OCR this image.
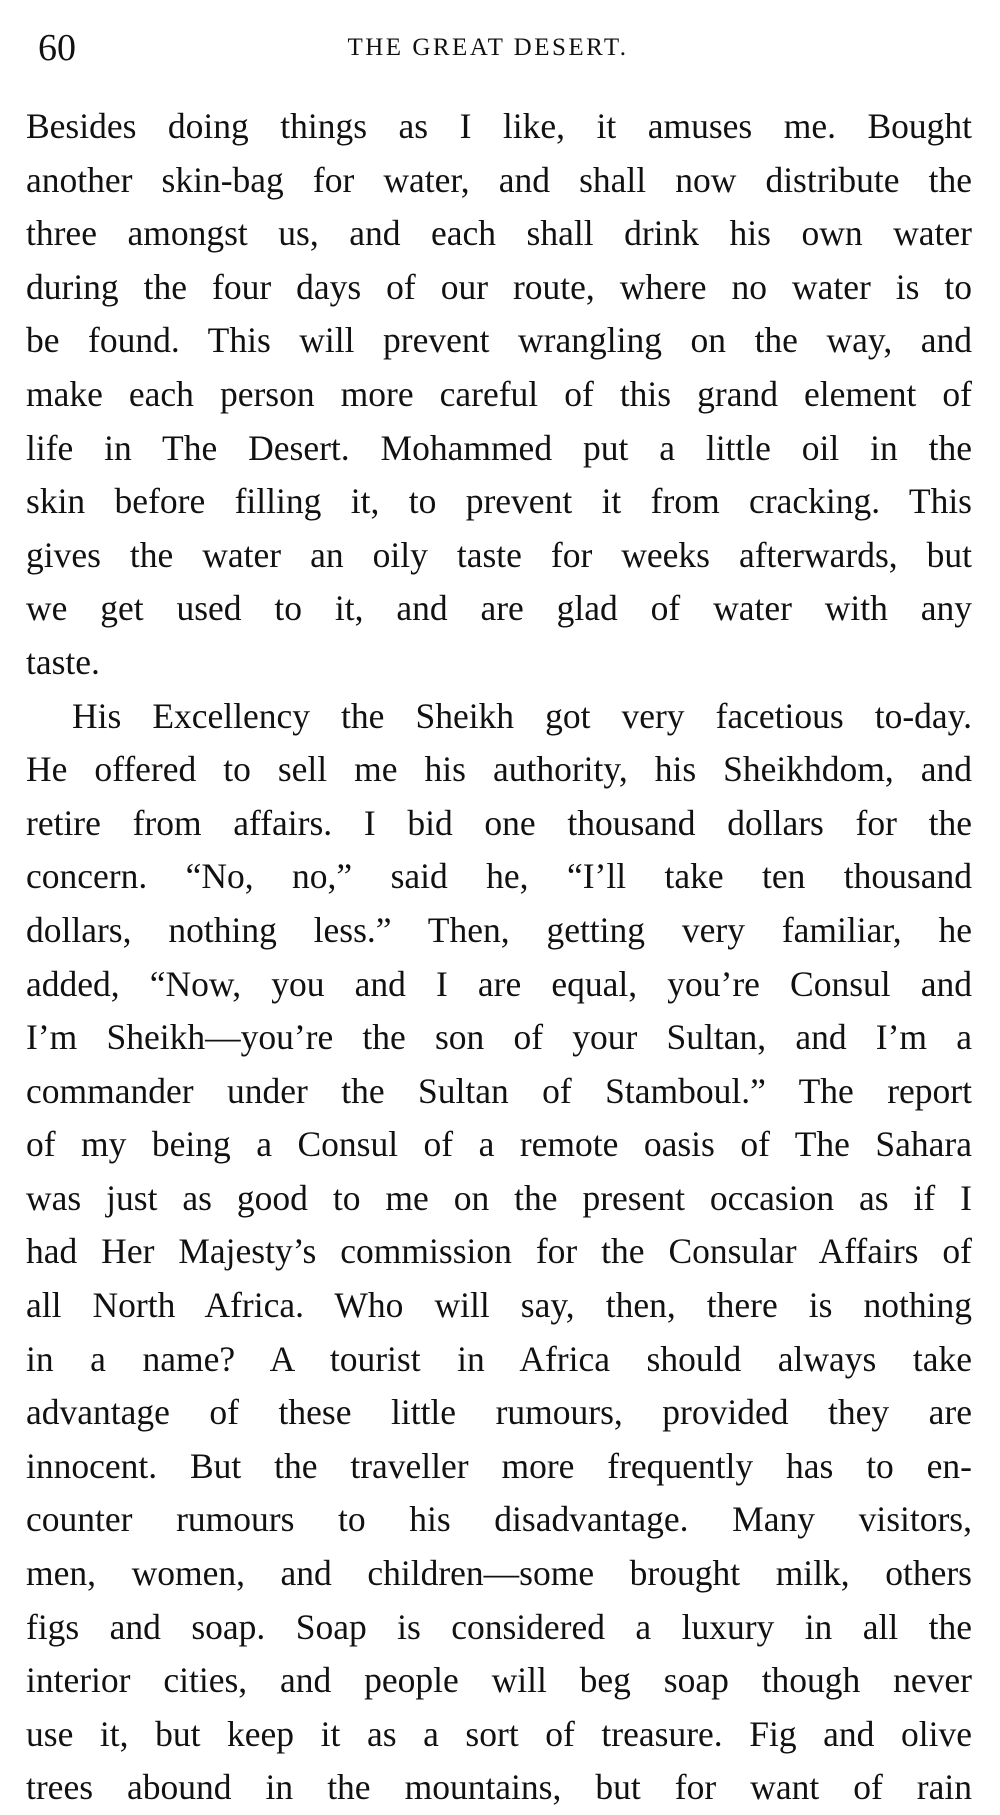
60	THE GREAT DESERT.
Besides doing things as I like, it amuses me. Bought
another skin-bag for water, and shall now distribute the
three amongst us, and each shall drink his own water
during the four days of our route, where no water is to
be found. This will prevent wrangling on the way, and
make each person more careful of this grand element of
life in The Desert. Mohammed put a little oil in the
skin before filling it, to prevent it from cracking. This
gives the water an oily taste for weeks afterwards, but
we get used to it, and are glad of water with any
taste.
His Excellency the Sheikh got very facetious to-day.
He offered to sell me his authority, his Sheikhdom, and
retire from affairs. I bid one thousand dollars for the
concern. “No, no,” said he, “I’ll take ten thousand
dollars, nothing less.” Then, getting very familiar, he
added, “Now, you and I are equal, you’re Consul and
I’m Sheikh—you’re the son of your Sultan, and I’m a
commander under the Sultan of Stamboul.” The report
of my being a Consul of a remote oasis of The Sahara
was just as good to me on the present occasion as if I
had Her Majesty’s commission for the Consular Affairs of
all North Africa. Who will say, then, there is nothing
in a name? A tourist in Africa should always take
advantage of these little rumours, provided they are
innocent. But the traveller more frequently has to en-
counter rumours to his disadvantage. Many visitors,
men, women, and children—some brought milk, others
figs and soap. Soap is considered a luxury in all the
interior cities, and people will beg soap though never
use it, but keep it as a sort of treasure. Fig and olive
trees abound in the mountains, but for want of rain
